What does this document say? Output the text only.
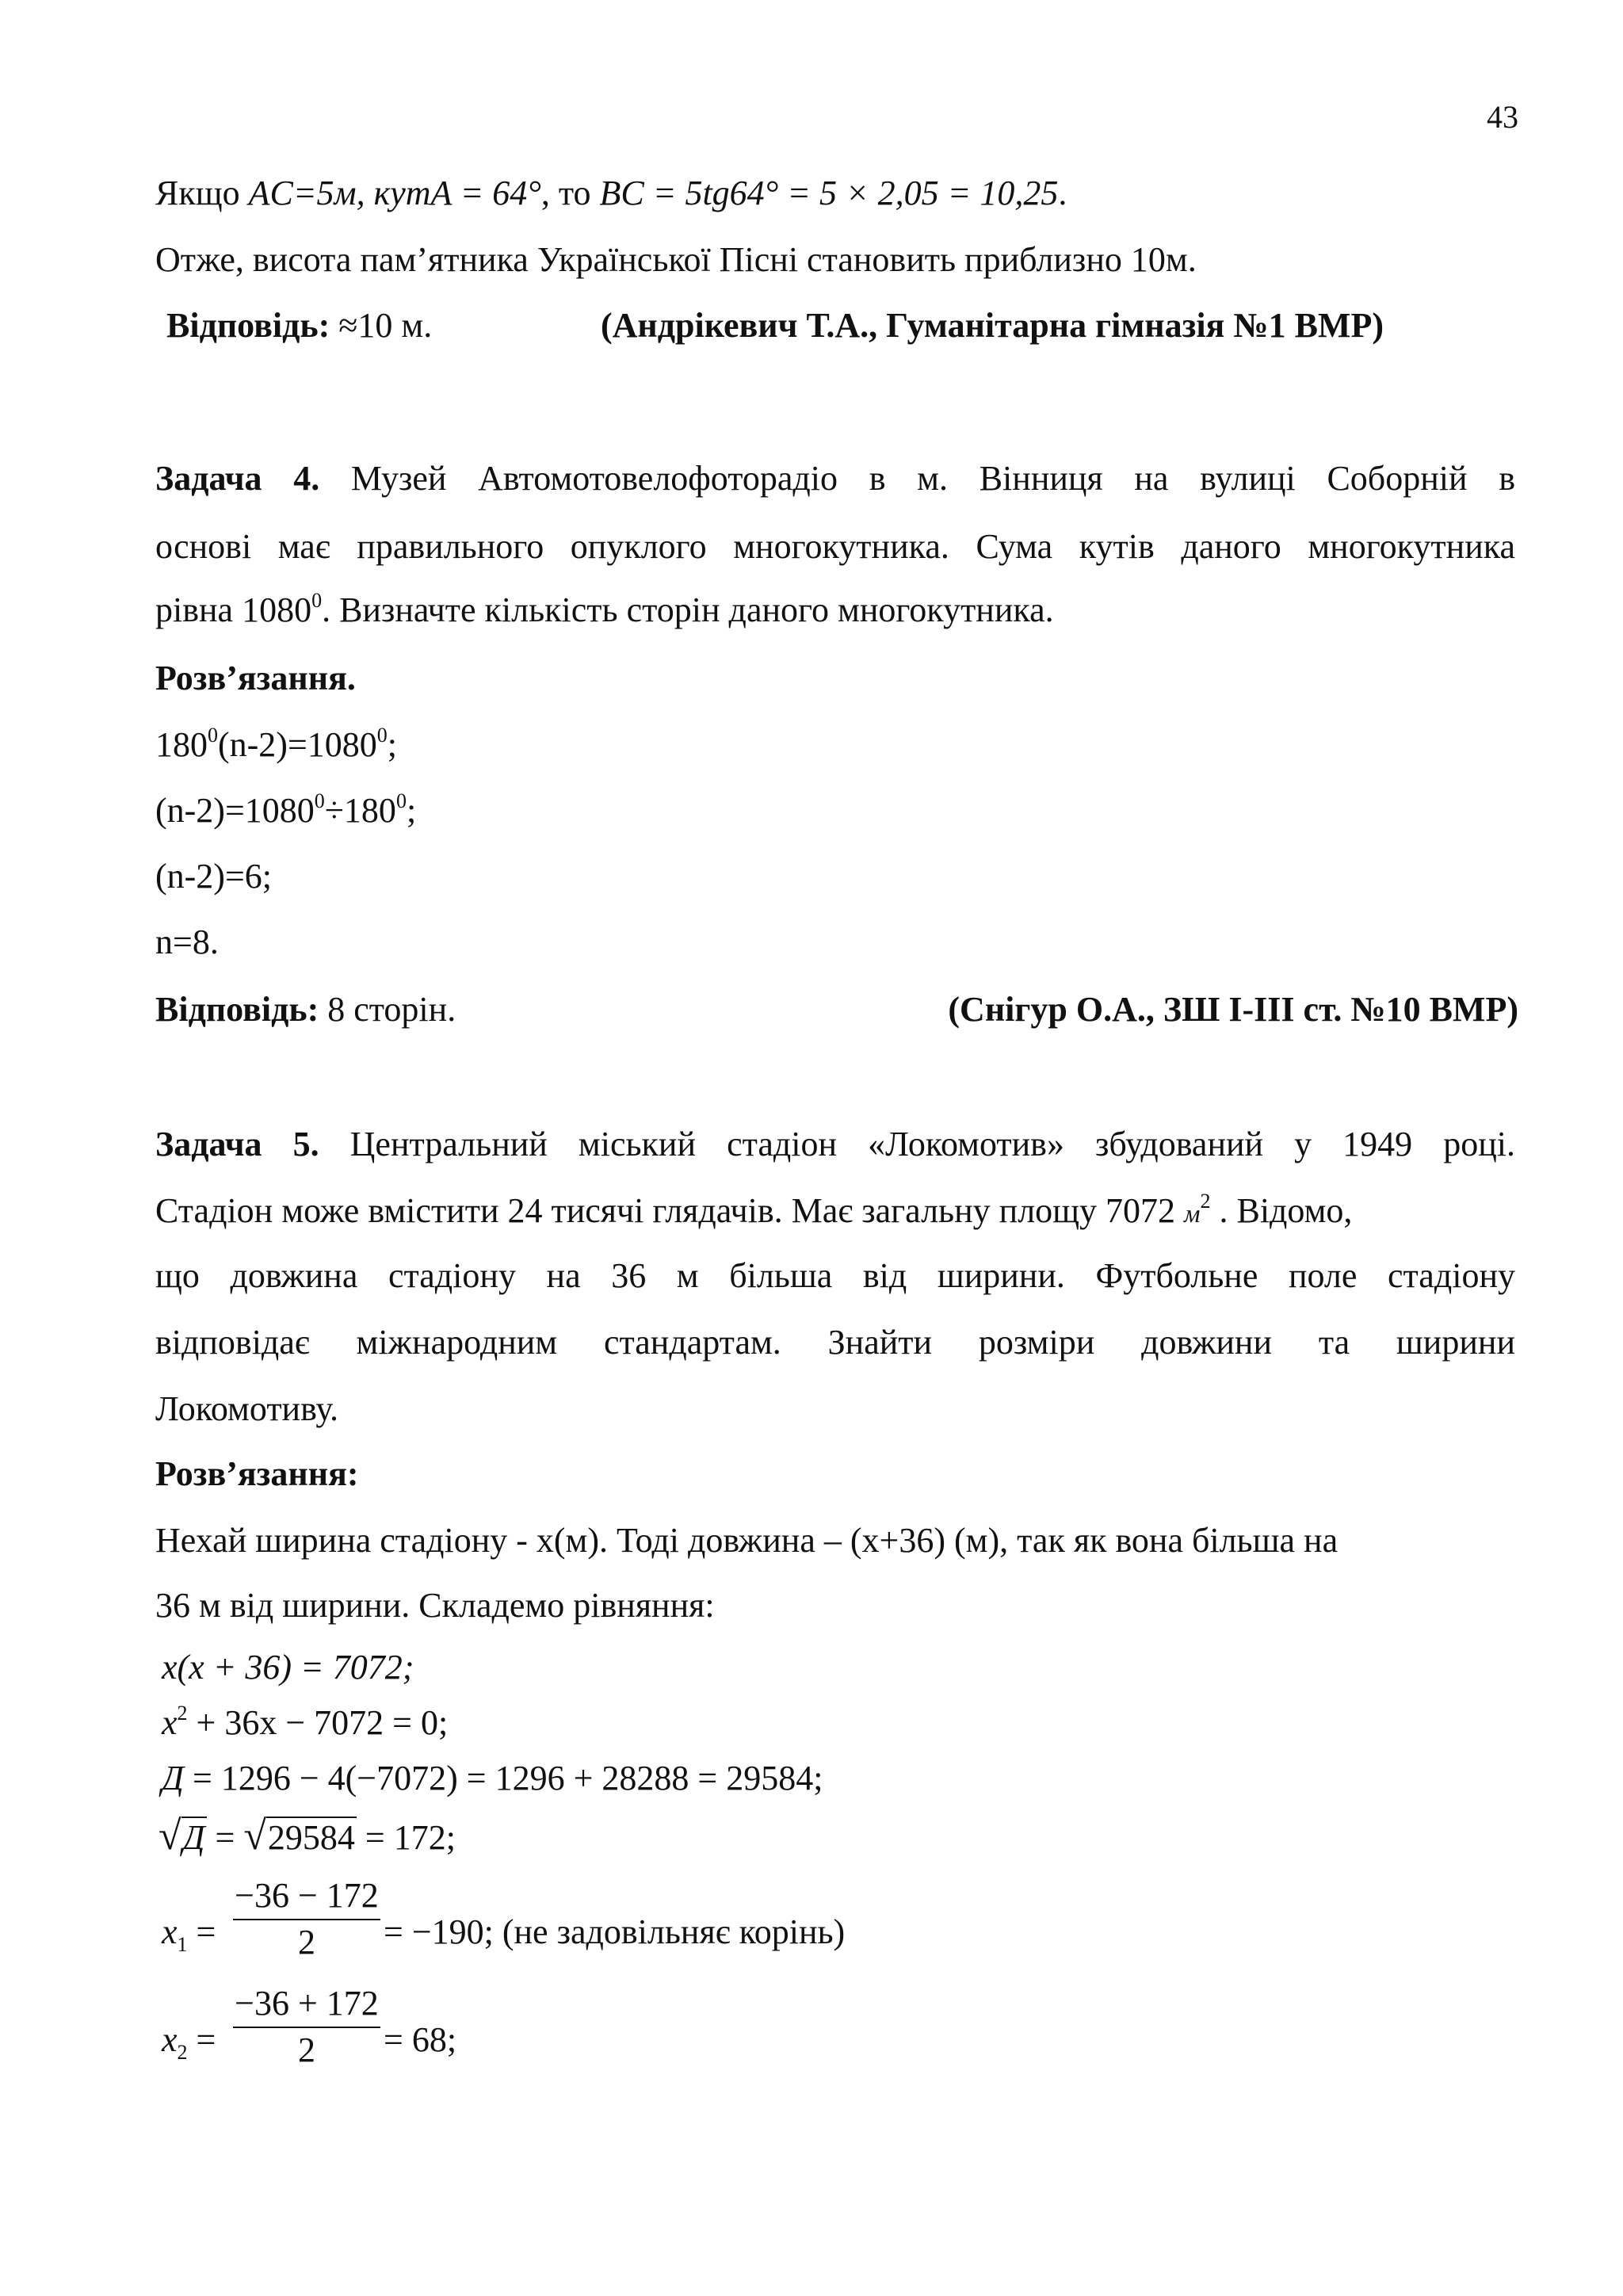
43
Якщо AC=5м, кутA = 64°, то BC = 5tg64° = 5 × 2,05 = 10,25.
Отже, висота пам’ятника Української Пісні становить приблизно 10м.
Відповідь: ≈10 м.	(Андрікевич Т.А., Гуманітарна гімназія №1 ВМР)
Задача 4. Музей Автомотовелофоторадіо в м. Вінниця на вулиці Соборній в
основі має правильного опуклого многокутника. Сума кутів даного многокутника
рівна 1080$^0$. Визначте кількість сторін даного многокутника.
Розв’язання.
$180^0(n-2)=1080^0$;
$(n-2)=1080^0\div 180^0$;
(n-2)=6;
n=8.
Відповідь: 8 сторін.	(Снігур О.А., ЗШ І-ІІІ ст. №10 ВМР)
Задача 5. Центральний міський стадіон «Локомотив» збудований у 1949 році.
Стадіон може вмістити 24 тисячі глядачів. Має загальну площу 7072 $м^2$ . Відомо,
що довжина стадіону на 36 м більша від ширини. Футбольне поле стадіону
відповідає міжнародним стандартам. Знайти розміри довжини та ширини
Локомотиву.
Розв’язання:
Нехай ширина стадіону - х(м). Тоді довжина – (х+36) (м), так як вона більша на
36 м від ширини. Складемо рівняння:
x(x + 36) = 7072;
$x^2 + 36x - 7072 = 0$;
Д = 1296 − 4(−7072) = 1296 + 28288 = 29584;
√Д = √29584 = 172;
$x_1$ =
−36 − 172
2	= −190; (не задовільняє корінь)
$x_2$ =
−36 + 172
2	= 68;
